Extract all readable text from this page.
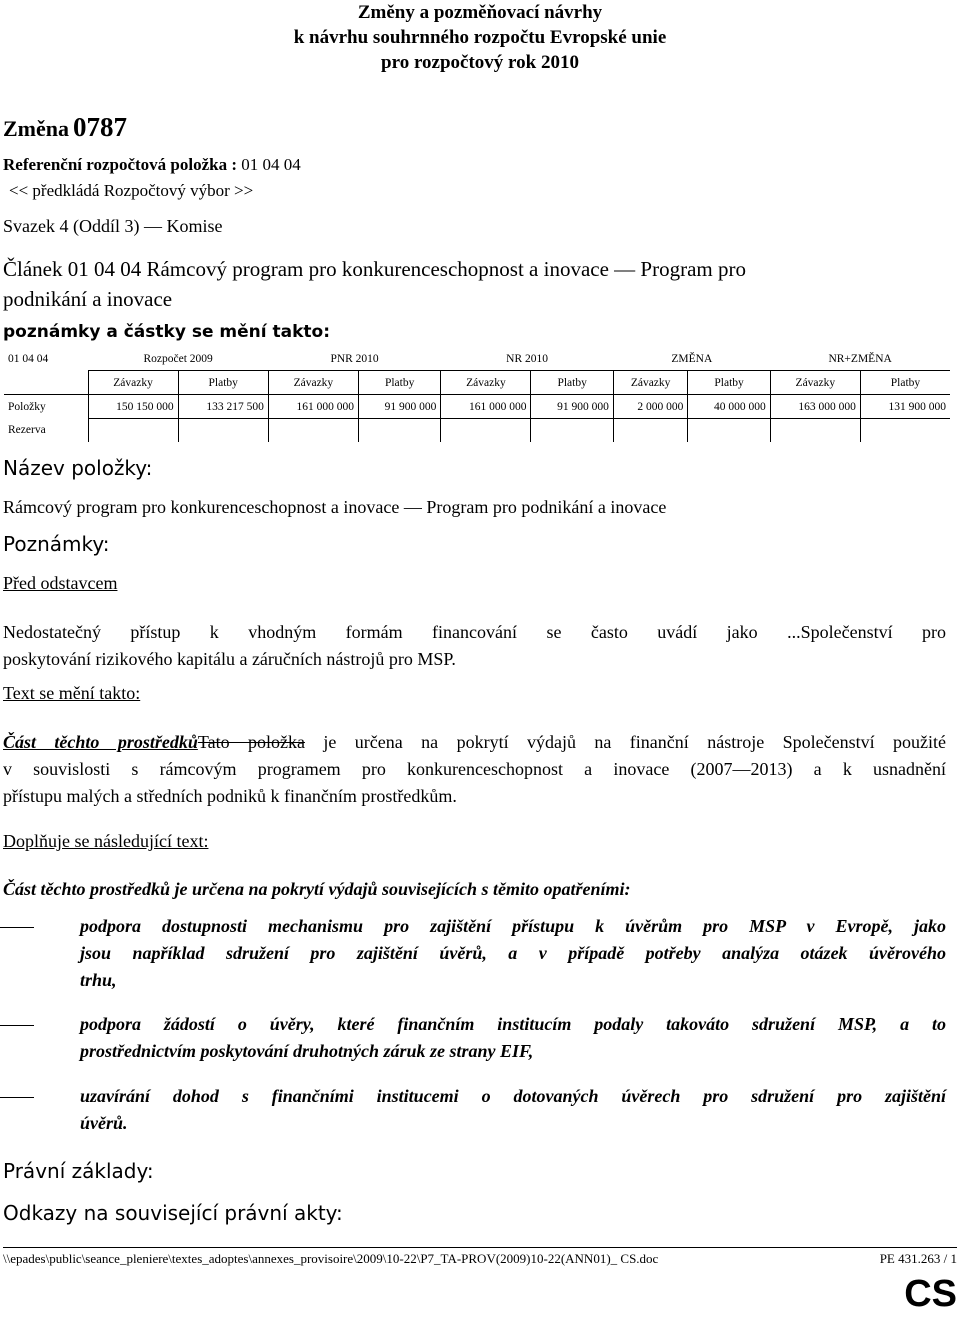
Změny a pozměňovací návrhy
k návrhu souhrnného rozpočtu Evropské unie
pro rozpočtový rok 2010
Změna 0787
Referenční rozpočtová položka : 01 04 04
<< předkládá Rozpočtový výbor >>
Svazek 4 (Oddíl 3) — Komise
Článek 01 04 04 Rámcový program pro konkurenceschopnost a inovace — Program pro
podnikání a inovace
poznámky a částky se mění takto:
01 04 04	Rozpočet 2009		PNR 2010		NR 2010		ZMĚNA		NR+ZMĚNA	
	Závazky	Platby	Závazky	Platby	Závazky	Platby	Závazky	Platby	Závazky	Platby
Položky	150 150 000	133 217 500	161 000 000	91 900 000	161 000 000	91 900 000	2 000 000	40 000 000	163 000 000	131 900 000
Rezerva										
Název položky:
Rámcový program pro konkurenceschopnost a inovace — Program pro podnikání a inovace
Poznámky:
Před odstavcem
Nedostatečný přístup k vhodným formám financování se často uvádí jako ...Společenství pro
poskytování rizikového kapitálu a záručních nástrojů pro MSP.
Text se mění takto:
Část těchto prostředkůTato položka je určena na pokrytí výdajů na finanční nástroje Společenství použité
v souvislosti s rámcovým programem pro konkurenceschopnost a inovace (2007—2013) a k usnadnění
přístupu malých a středních podniků k finančním prostředkům.
Doplňuje se následující text:
Část těchto prostředků je určena na pokrytí výdajů souvisejících s těmito opatřeními:
podpora dostupnosti mechanismu pro zajištění přístupu k úvěrům pro MSP v Evropě, jako
jsou například sdružení pro zajištění úvěrů, a v případě potřeby analýza otázek úvěrového
trhu,
podpora žádostí o úvěry, které finančním institucím podaly takováto sdružení MSP, a to
prostřednictvím poskytování druhotných záruk ze strany EIF,
uzavírání dohod s finančními institucemi o dotovaných úvěrech pro sdružení pro zajištění
úvěrů.
Právní základy:
Odkazy na související právní akty:
\\epades\public\seance_pleniere\textes_adoptes\annexes_provisoire\2009\10-22\P7_TA-PROV(2009)10-22(ANN01)_ CS.doc	PE 431.263 / 1
CS
